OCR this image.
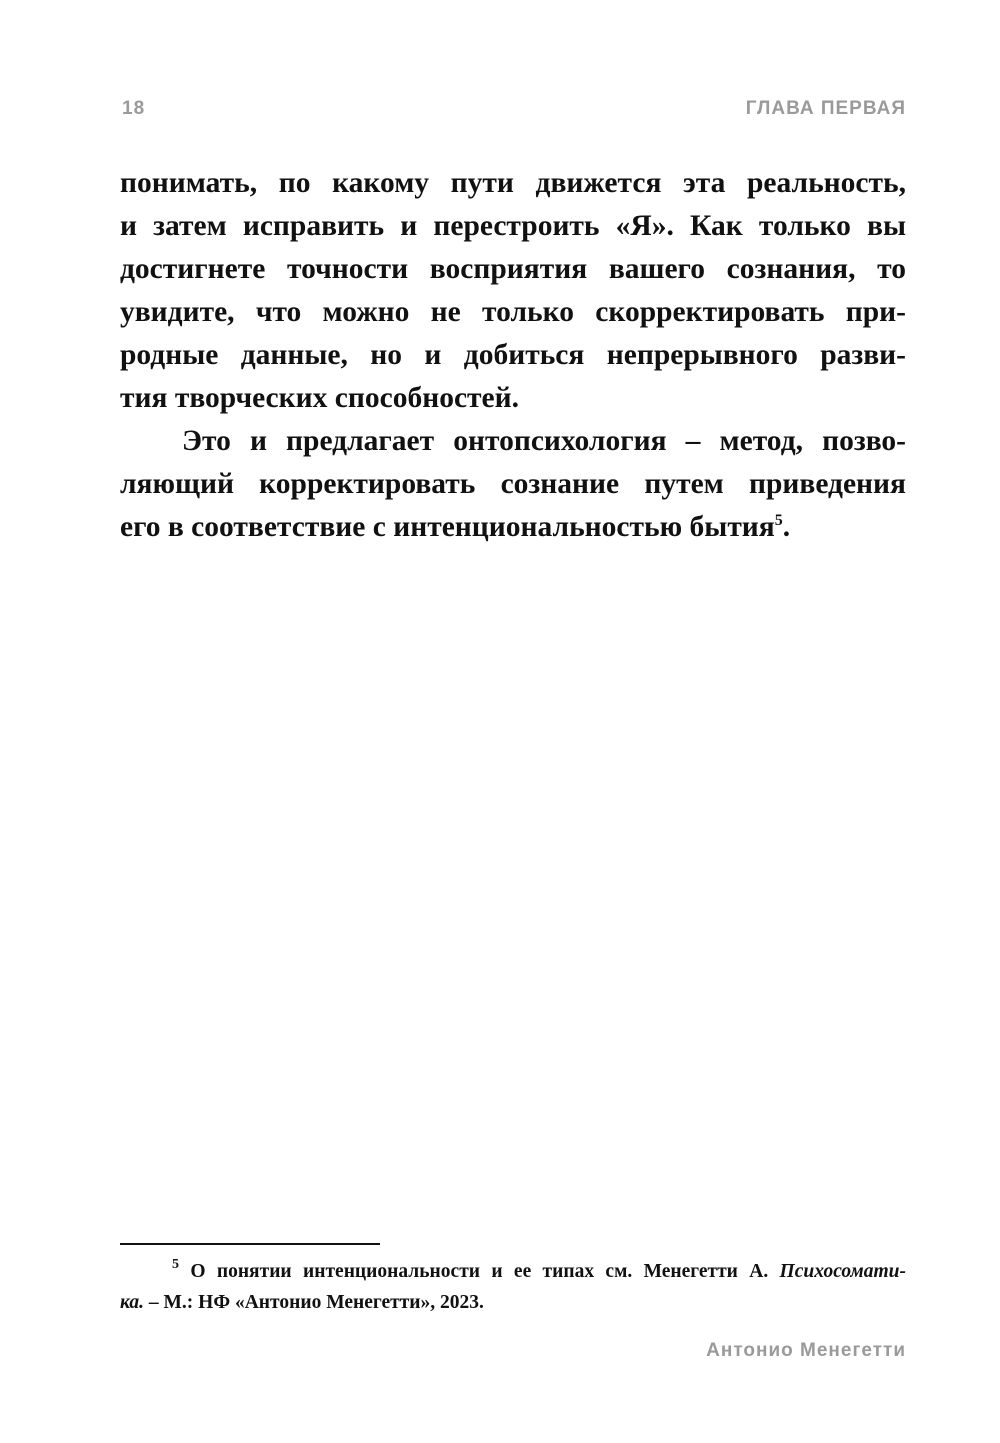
18	ГЛАВА ПЕРВАЯ
понимать, по какому пути движется эта реальность,
и затем исправить и перестроить «Я». Как только вы
достигнете точности восприятия вашего сознания, то
увидите, что можно не только скорректировать при-
родные данные, но и добиться непрерывного разви-
тия творческих способностей.
Это и предлагает онтопсихология – метод, позво-
ляющий корректировать сознание путем приведения
его в соответствие с интенциональностью бытия$^5$.
$^5$ О понятии интенциональности и ее типах см. Менегетти А. Психосомати-
ка. – М.: НФ «Антонио Менегетти», 2023.
Антонио Менегетти
